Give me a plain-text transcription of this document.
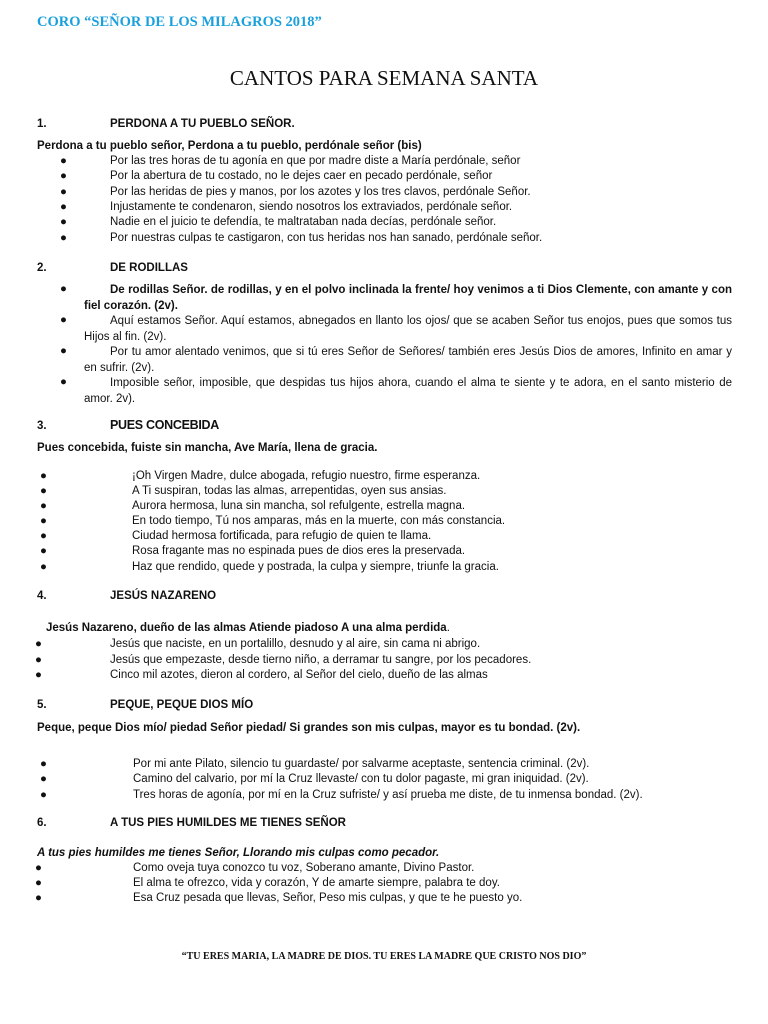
CORO “SEÑOR DE LOS MILAGROS 2018”
CANTOS PARA SEMANA SANTA
1.	PERDONA A TU PUEBLO SEÑOR.
Perdona a tu pueblo señor, Perdona a tu pueblo, perdónale señor (bis)
●	Por las tres horas de tu agonía en que por madre diste a María perdónale, señor
●	Por la abertura de tu costado, no le dejes caer en pecado perdónale, señor
●	Por las heridas de pies y manos, por los azotes y los tres clavos, perdónale Señor.
●	Injustamente te condenaron, siendo nosotros los extraviados, perdónale señor.
●	Nadie en el juicio te defendía, te maltrataban nada decías, perdónale señor.
●	Por nuestras culpas te castigaron, con tus heridas nos han sanado, perdónale señor.
2.	DE RODILLAS
●	De rodillas Señor. de rodillas, y en el polvo inclinada la frente/ hoy venimos a ti Dios Clemente, con amante y con fiel corazón. (2v).
●	Aquí estamos Señor. Aquí estamos, abnegados en llanto los ojos/ que se acaben Señor tus enojos, pues que somos tus Hijos al fin. (2v).
●	Por tu amor alentado venimos, que si tú eres Señor de Señores/ también eres Jesús Dios de amores, Infinito en amar y en sufrir. (2v).
●	Imposible señor, imposible, que despidas tus hijos ahora, cuando el alma te siente y te adora, en el santo misterio de amor. 2v).
3.	PUES CONCEBIDA
Pues concebida, fuiste sin mancha, Ave María, llena de gracia.
●	¡Oh Virgen Madre, dulce abogada, refugio nuestro, firme esperanza.
●	A Ti suspiran, todas las almas, arrepentidas, oyen sus ansias.
●	Aurora hermosa, luna sin mancha, sol refulgente, estrella magna.
●	En todo tiempo, Tú nos amparas, más en la muerte, con más constancia.
●	Ciudad hermosa fortificada, para refugio de quien te llama.
●	Rosa fragante mas no espinada pues de dios eres la preservada.
●	Haz que rendido, quede y postrada, la culpa y siempre, triunfe la gracia.
4.	JESÚS NAZARENO
Jesús Nazareno, dueño de las almas Atiende piadoso A una alma perdida.
●	Jesús que naciste, en un portalillo, desnudo y al aire, sin cama ni abrigo.
●	Jesús que empezaste, desde tierno niño, a derramar tu sangre, por los pecadores.
●	Cinco mil azotes, dieron al cordero, al Señor del cielo, dueño de las almas
5.	PEQUE, PEQUE DIOS MÍO
Peque, peque Dios mío/ piedad Señor piedad/ Si grandes son mis culpas, mayor es tu bondad. (2v).
●	Por mi ante Pilato, silencio tu guardaste/ por salvarme aceptaste, sentencia criminal. (2v).
●	Camino del calvario, por mí la Cruz llevaste/ con tu dolor pagaste, mi gran iniquidad. (2v).
●	Tres horas de agonía, por mí en la Cruz sufriste/ y así prueba me diste, de tu inmensa bondad. (2v).
6.	A TUS PIES HUMILDES ME TIENES SEÑOR
A tus pies humildes me tienes Señor, Llorando mis culpas como pecador.
●	Como oveja tuya conozco tu voz, Soberano amante, Divino Pastor.
●	El alma te ofrezco, vida y corazón, Y de amarte siempre, palabra te doy.
●	Esa Cruz pesada que llevas, Señor, Peso mis culpas, y que te he puesto yo.
“TU ERES MARIA, LA MADRE DE DIOS. TU ERES LA MADRE QUE CRISTO NOS DIO”
